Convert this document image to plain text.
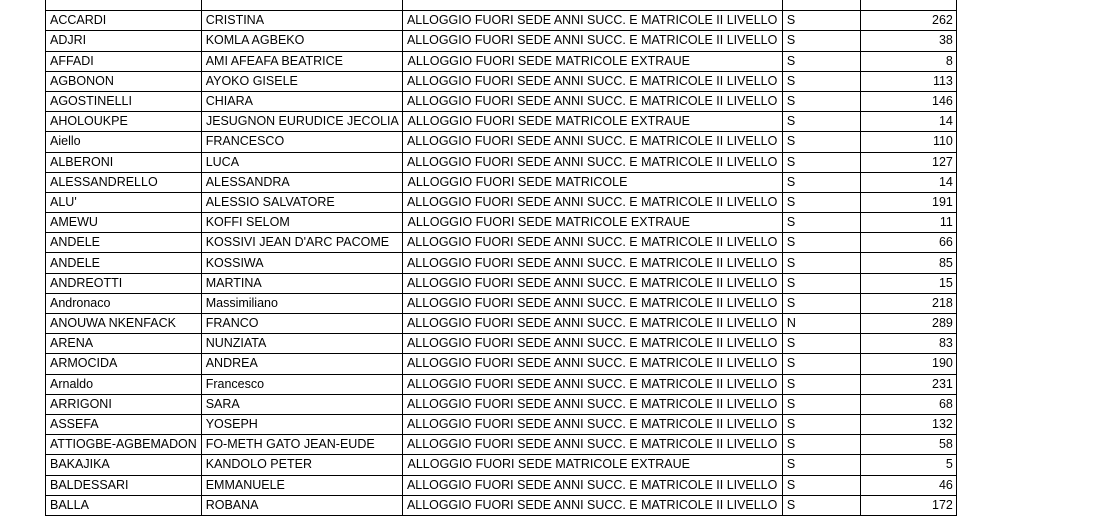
ACCARDI	CRISTINA	ALLOGGIO FUORI SEDE ANNI SUCC. E MATRICOLE II LIVELLO	S	262
ADJRI	KOMLA AGBEKO	ALLOGGIO FUORI SEDE ANNI SUCC. E MATRICOLE II LIVELLO	S	38
AFFADI	AMI AFEAFA BEATRICE	ALLOGGIO FUORI SEDE MATRICOLE EXTRAUE	S	8
AGBONON	AYOKO GISELE	ALLOGGIO FUORI SEDE ANNI SUCC. E MATRICOLE II LIVELLO	S	113
AGOSTINELLI	CHIARA	ALLOGGIO FUORI SEDE ANNI SUCC. E MATRICOLE II LIVELLO	S	146
AHOLOUKPE	JESUGNON EURUDICE JECOLIA	ALLOGGIO FUORI SEDE MATRICOLE EXTRAUE	S	14
Aiello	FRANCESCO	ALLOGGIO FUORI SEDE ANNI SUCC. E MATRICOLE II LIVELLO	S	110
ALBERONI	LUCA	ALLOGGIO FUORI SEDE ANNI SUCC. E MATRICOLE II LIVELLO	S	127
ALESSANDRELLO	ALESSANDRA	ALLOGGIO FUORI SEDE MATRICOLE	S	14
ALU'	ALESSIO SALVATORE	ALLOGGIO FUORI SEDE ANNI SUCC. E MATRICOLE II LIVELLO	S	191
AMEWU	KOFFI SELOM	ALLOGGIO FUORI SEDE MATRICOLE EXTRAUE	S	11
ANDELE	KOSSIVI JEAN D'ARC PACOME	ALLOGGIO FUORI SEDE ANNI SUCC. E MATRICOLE II LIVELLO	S	66
ANDELE	KOSSIWA	ALLOGGIO FUORI SEDE ANNI SUCC. E MATRICOLE II LIVELLO	S	85
ANDREOTTI	MARTINA	ALLOGGIO FUORI SEDE ANNI SUCC. E MATRICOLE II LIVELLO	S	15
Andronaco	Massimiliano	ALLOGGIO FUORI SEDE ANNI SUCC. E MATRICOLE II LIVELLO	S	218
ANOUWA NKENFACK	FRANCO	ALLOGGIO FUORI SEDE ANNI SUCC. E MATRICOLE II LIVELLO	N	289
ARENA	NUNZIATA	ALLOGGIO FUORI SEDE ANNI SUCC. E MATRICOLE II LIVELLO	S	83
ARMOCIDA	ANDREA	ALLOGGIO FUORI SEDE ANNI SUCC. E MATRICOLE II LIVELLO	S	190
Arnaldo	Francesco	ALLOGGIO FUORI SEDE ANNI SUCC. E MATRICOLE II LIVELLO	S	231
ARRIGONI	SARA	ALLOGGIO FUORI SEDE ANNI SUCC. E MATRICOLE II LIVELLO	S	68
ASSEFA	YOSEPH	ALLOGGIO FUORI SEDE ANNI SUCC. E MATRICOLE II LIVELLO	S	132
ATTIOGBE-AGBEMADON	FO-METH GATO JEAN-EUDE	ALLOGGIO FUORI SEDE ANNI SUCC. E MATRICOLE II LIVELLO	S	58
BAKAJIKA	KANDOLO PETER	ALLOGGIO FUORI SEDE MATRICOLE EXTRAUE	S	5
BALDESSARI	EMMANUELE	ALLOGGIO FUORI SEDE ANNI SUCC. E MATRICOLE II LIVELLO	S	46
BALLA	ROBANA	ALLOGGIO FUORI SEDE ANNI SUCC. E MATRICOLE II LIVELLO	S	172
